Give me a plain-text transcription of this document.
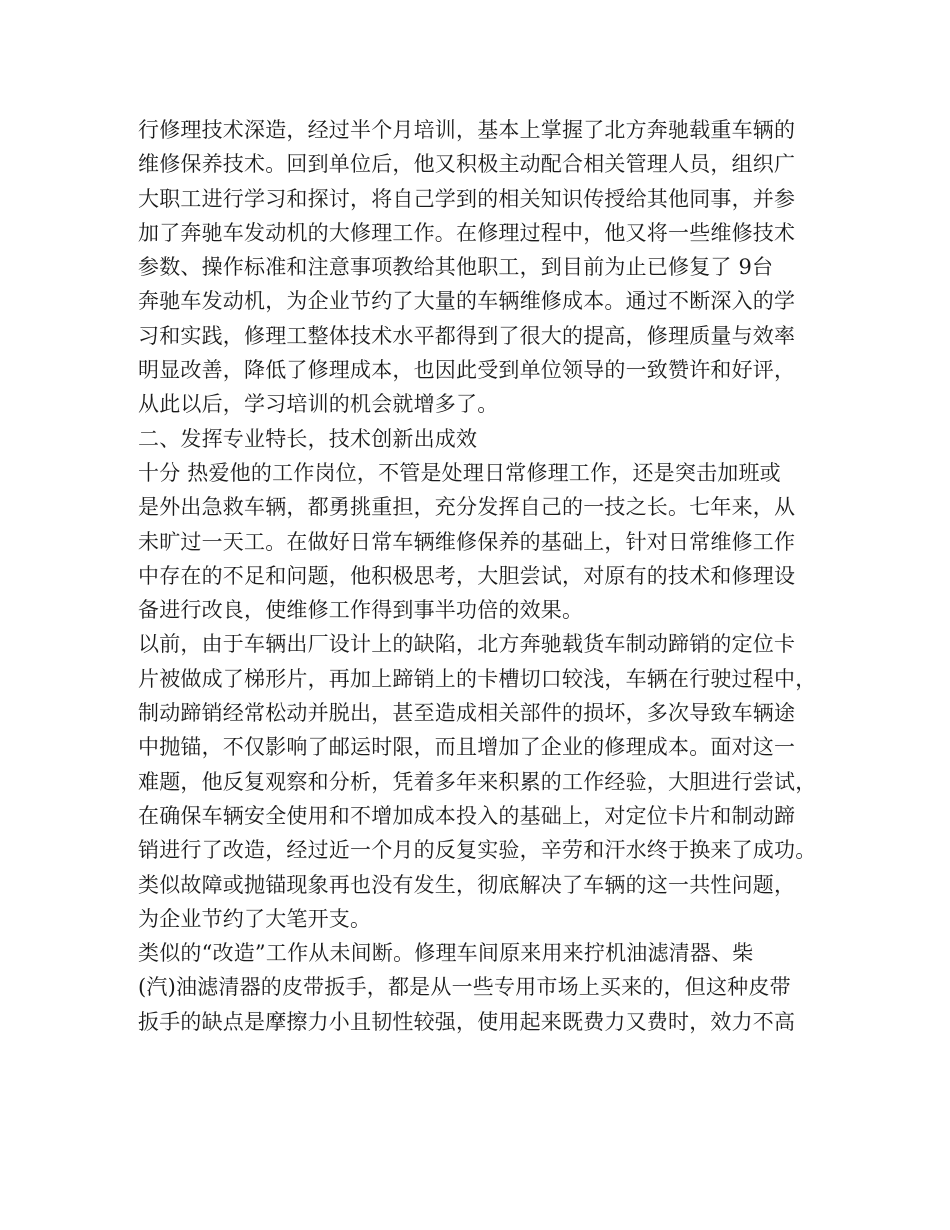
行修理技术深造，经过半个月培训，基本上掌握了北方奔驰载重车辆的

维修保养技术。回到单位后，他又积极主动配合相关管理人员，组织广

大职工进行学习和探讨，将自己学到的相关知识传授给其他同事，并参

加了奔驰车发动机的大修理工作。在修理过程中，他又将一些维修技术

参数、操作标准和注意事项教给其他职工，到目前为止已修复了 9台

奔驰车发动机，为企业节约了大量的车辆维修成本。通过不断深入的学

习和实践，修理工整体技术水平都得到了很大的提高，修理质量与效率

明显改善，降低了修理成本，也因此受到单位领导的一致赞许和好评，

从此以后，学习培训的机会就增多了。

二、发挥专业特长，技术创新出成效

十分 热爱他的工作岗位，不管是处理日常修理工作，还是突击加班或

是外出急救车辆，都勇挑重担，充分发挥自己的一技之长。七年来，从

未旷过一天工。在做好日常车辆维修保养的基础上，针对日常维修工作

中存在的不足和问题，他积极思考，大胆尝试，对原有的技术和修理设

备进行改良，使维修工作得到事半功倍的效果。

以前，由于车辆出厂设计上的缺陷，北方奔驰载货车制动蹄销的定位卡

片被做成了梯形片，再加上蹄销上的卡槽切口较浅，车辆在行驶过程中，

制动蹄销经常松动并脱出，甚至造成相关部件的损坏，多次导致车辆途

中抛锚，不仅影响了邮运时限，而且增加了企业的修理成本。面对这一

难题，他反复观察和分析，凭着多年来积累的工作经验，大胆进行尝试，

在确保车辆安全使用和不增加成本投入的基础上，对定位卡片和制动蹄

销进行了改造，经过近一个月的反复实验，辛劳和汗水终于换来了成功。

类似故障或抛锚现象再也没有发生，彻底解决了车辆的这一共性问题，

为企业节约了大笔开支。

类似的“改造”工作从未间断。修理车间原来用来拧机油滤清器、柴

(汽)油滤清器的皮带扳手，都是从一些专用市场上买来的，但这种皮带

扳手的缺点是摩擦力小且韧性较强，使用起来既费力又费时，效力不高
